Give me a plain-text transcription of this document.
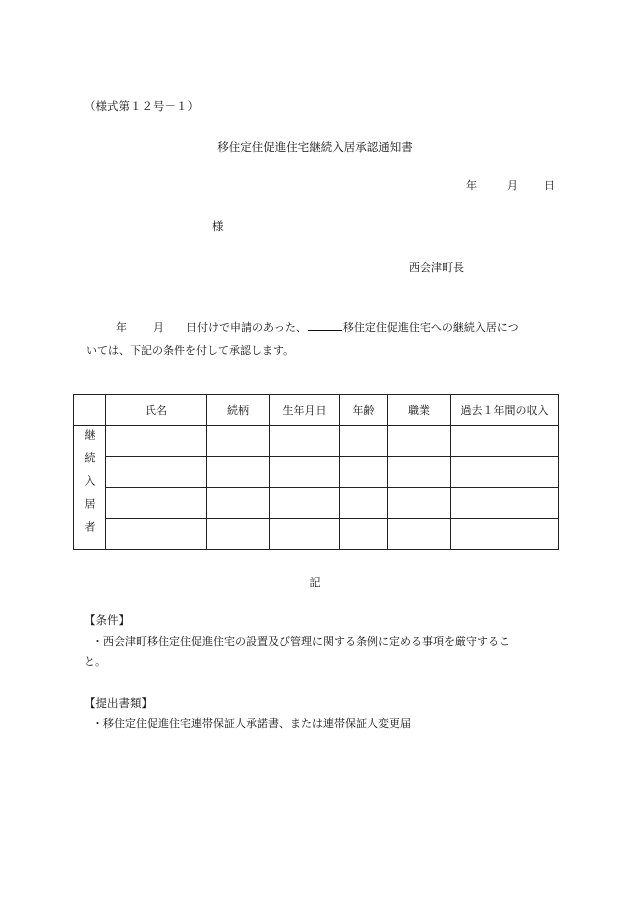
（様式第１２号－１）
移住定住促進住宅継続入居承認通知書
年	月 日
様
西会津町長
年 月 日付けで申請のあった、	移住定住促進住宅への継続入居につ
いては、下記の条件を付して承認します。
	氏名	続柄	生年月日	年齢	職業	過去１年間の収入
継続入居者						

記
【条件】
・西会津町移住定住促進住宅の設置及び管理に関する条例に定める事項を厳守するこ
と。
【提出書類】
・移住定住促進住宅連帯保証人承諾書、または連帯保証人変更届
